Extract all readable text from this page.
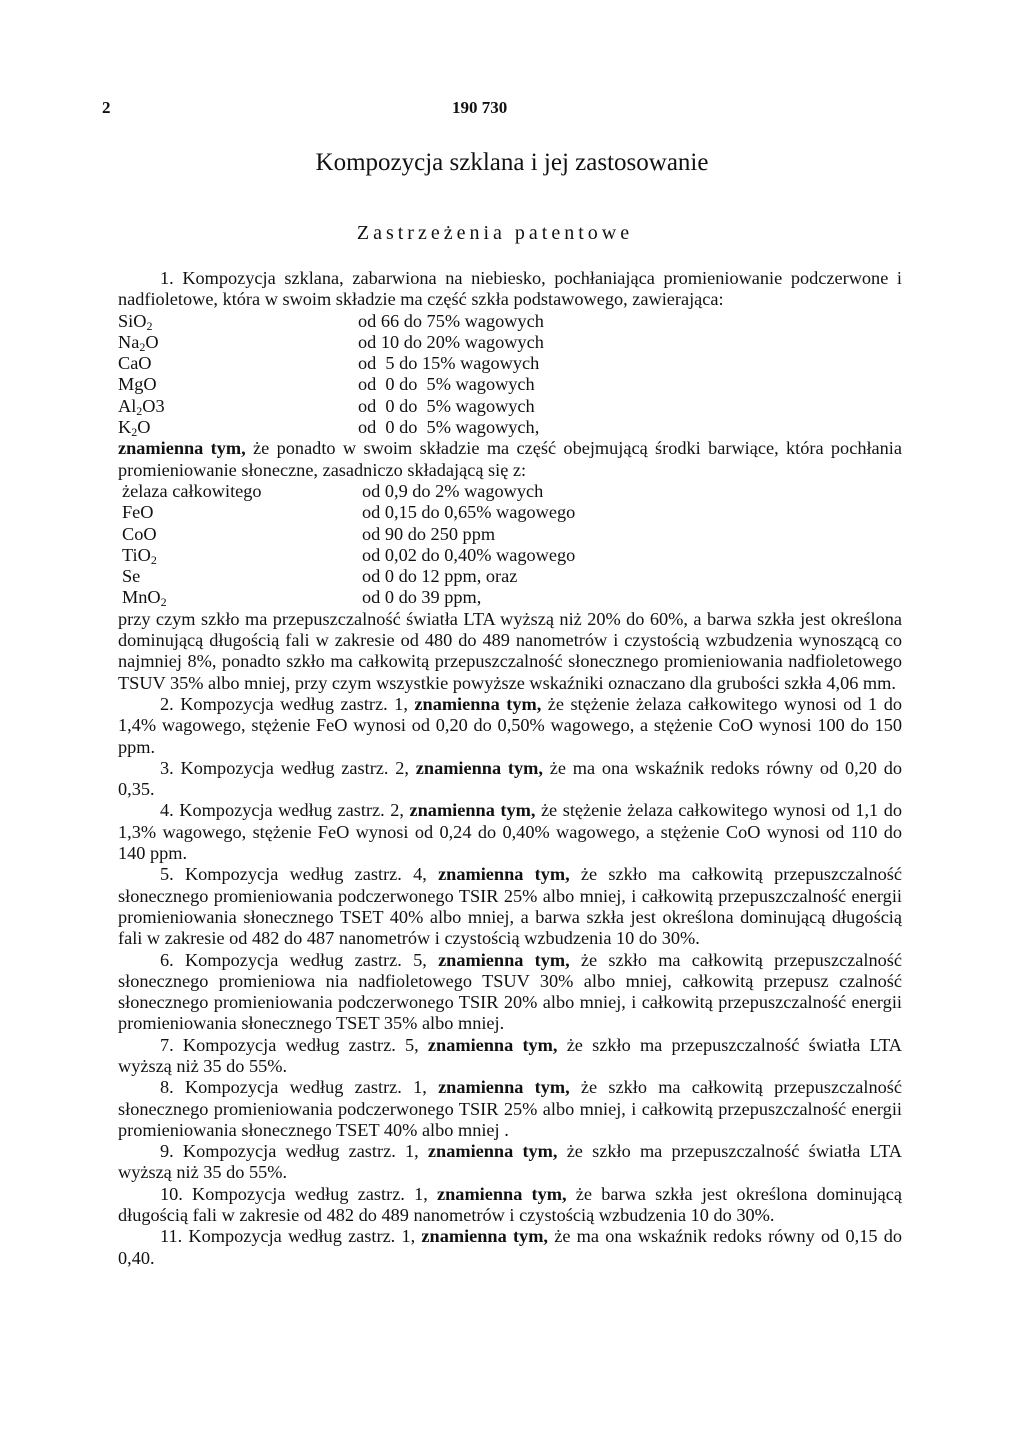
2	190 730
Kompozycja szklana i jej zastosowanie
Zastrzeżenia patentowe
1. Kompozycja szklana, zabarwiona na niebiesko, pochłaniająca promieniowanie podczerwone i nadfioletowe, która w swoim składzie ma część szkła podstawowego, zawierająca:
SiO$_2$	od 66 do 75% wagowych
$Na_2O$	od 10 do 20% wagowych
CaO	od  5 do 15% wagowych
MgO	od  0 do  5% wagowych
$Al_2O3$	od  0 do  5% wagowych
$K_2O$	od  0 do  5% wagowych,
znamienna tym, że ponadto w swoim składzie ma część obejmującą środki barwiące, która pochłania promieniowanie słoneczne, zasadniczo składającą się z:
żelaza całkowitego	od 0,9 do 2% wagowych
FeO	od 0,15 do 0,65% wagowego
CoO	od 90 do 250 ppm
TiO$_2$	od 0,02 do 0,40% wagowego
Se	od 0 do 12 ppm, oraz
MnO$_2$	od 0 do 39 ppm,
przy czym szkło ma przepuszczalność światła LTA wyższą niż 20% do 60%, a barwa szkła jest określona dominującą długością fali w zakresie od 480 do 489 nanometrów i czystością wzbudzenia wynoszącą co najmniej 8%, ponadto szkło ma całkowitą przepuszczalność słonecznego promieniowania nadfioletowego TSUV 35% albo mniej, przy czym wszystkie powyższe wskaźniki oznaczano dla grubości szkła 4,06 mm.
2. Kompozycja według zastrz. 1, znamienna tym, że stężenie żelaza całkowitego wynosi od 1 do 1,4% wagowego, stężenie FeO wynosi od 0,20 do 0,50% wagowego, a stężenie CoO wynosi 100 do 150 ppm.
3. Kompozycja według zastrz. 2, znamienna tym, że ma ona wskaźnik redoks równy od 0,20 do 0,35.
4. Kompozycja według zastrz. 2, znamienna tym, że stężenie żelaza całkowitego wynosi od 1,1 do 1,3% wagowego, stężenie FeO wynosi od 0,24 do 0,40% wagowego, a stężenie CoO wynosi od 110 do 140 ppm.
5. Kompozycja według zastrz. 4, znamienna tym, że szkło ma całkowitą przepuszczalność słonecznego promieniowania podczerwonego TSIR 25% albo mniej, i całkowitą przepuszczalność energii promieniowania słonecznego TSET 40% albo mniej, a barwa szkła jest określona dominującą długością fali w zakresie od 482 do 487 nanometrów i czystością wzbudzenia 10 do 30%.
6. Kompozycja według zastrz. 5, znamienna tym, że szkło ma całkowitą przepuszczalność słonecznego promieniowa nia nadfioletowego TSUV 30% albo mniej, całkowitą przepusz czalność słonecznego promieniowania podczerwonego TSIR 20% albo mniej, i całkowitą przepuszczalność energii promieniowania słonecznego TSET 35% albo mniej.
7. Kompozycja według zastrz. 5, znamienna tym, że szkło ma przepuszczalność światła LTA wyższą niż 35 do 55%.
8. Kompozycja według zastrz. 1, znamienna tym, że szkło ma całkowitą przepuszczalność słonecznego promieniowania podczerwonego TSIR 25% albo mniej, i całkowitą przepuszczalność energii promieniowania słonecznego TSET 40% albo mniej .
9. Kompozycja według zastrz. 1, znamienna tym, że szkło ma przepuszczalność światła LTA wyższą niż 35 do 55%.
10. Kompozycja według zastrz. 1, znamienna tym, że barwa szkła jest określona dominującą długością fali w zakresie od 482 do 489 nanometrów i czystością wzbudzenia 10 do 30%.
11. Kompozycja według zastrz. 1, znamienna tym, że ma ona wskaźnik redoks równy od 0,15 do 0,40.
